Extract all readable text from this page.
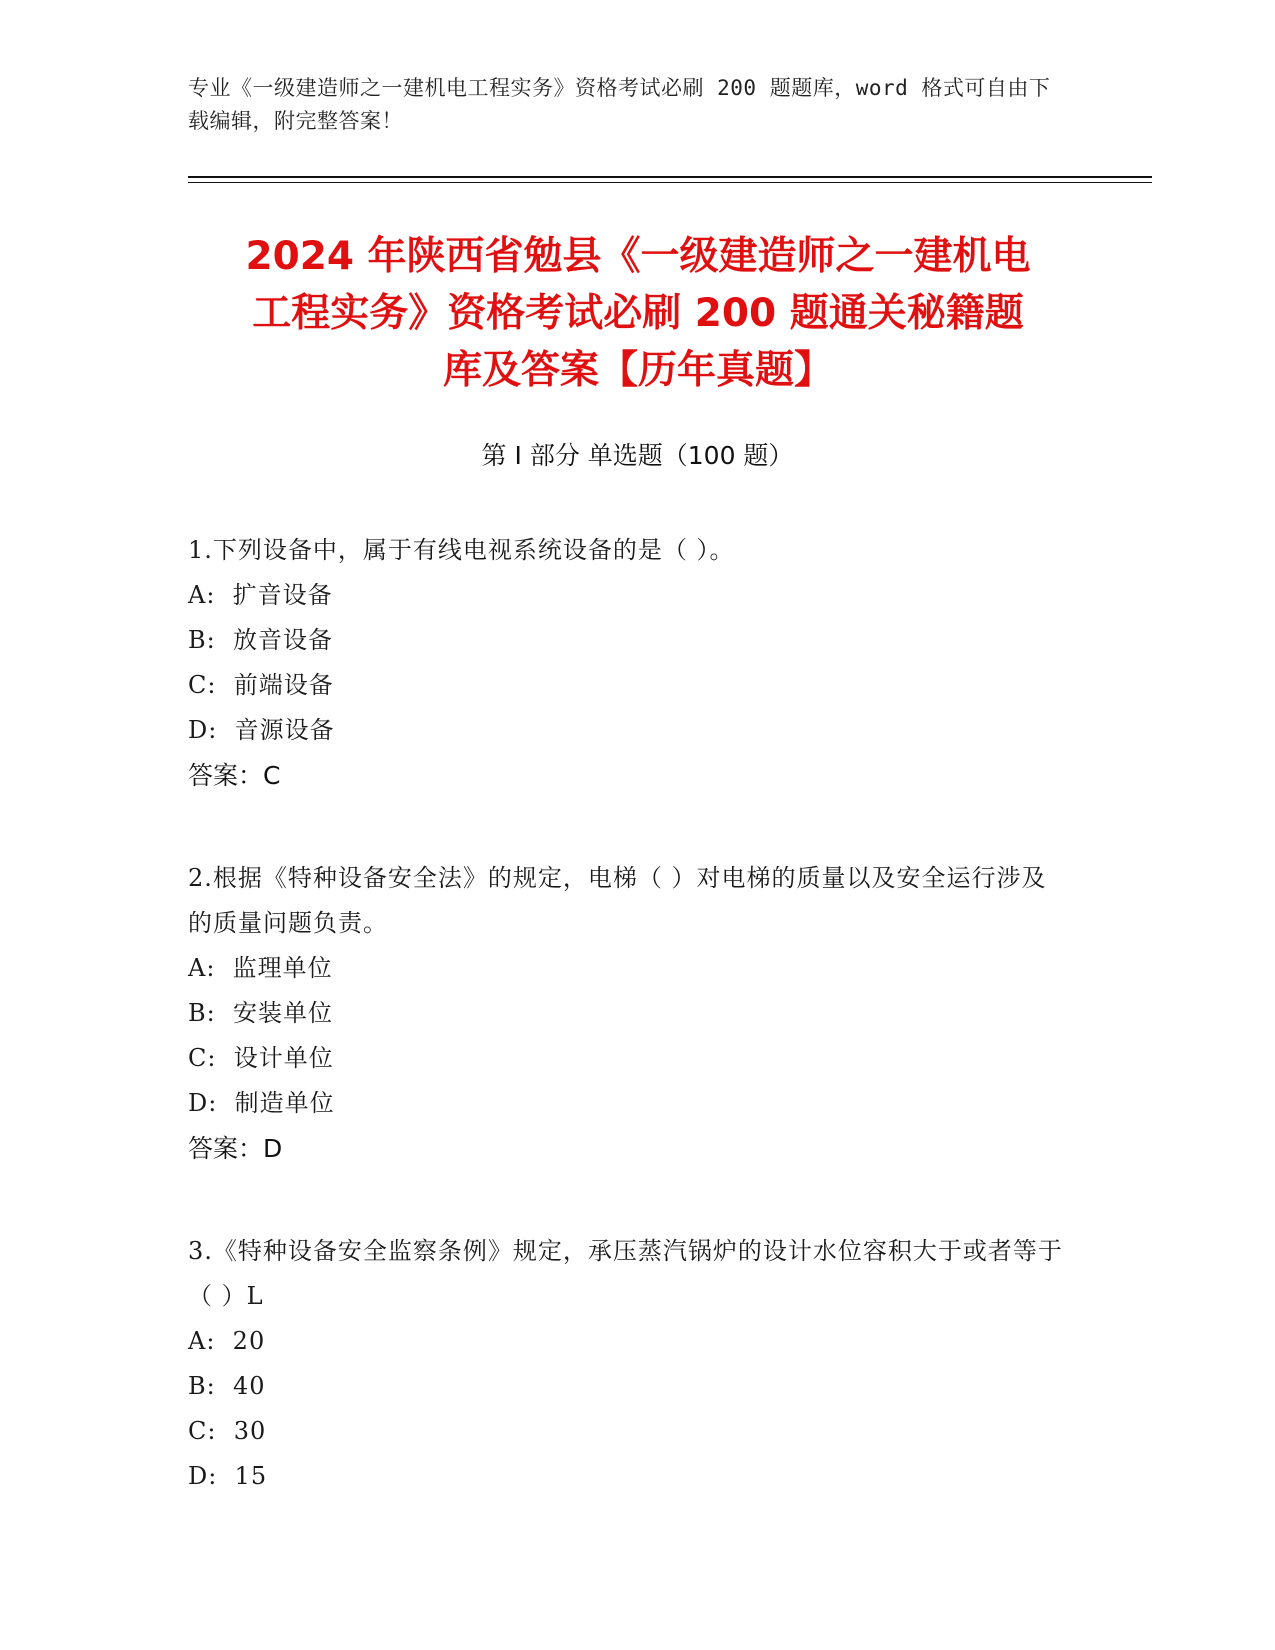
专业《一级建造师之一建机电工程实务》资格考试必刷 200 题题库，word 格式可自由下载编辑，附完整答案！
2024 年陕西省勉县《一级建造师之一建机电
工程实务》资格考试必刷 200 题通关秘籍题
库及答案【历年真题】
第 I 部分 单选题（100 题）
1.下列设备中，属于有线电视系统设备的是（ ）。
A:  扩音设备
B:  放音设备
C:  前端设备
D:  音源设备
答案：C
2.根据《特种设备安全法》的规定，电梯（ ）对电梯的质量以及安全运行涉及的质量问题负责。
A:  监理单位
B:  安装单位
C:  设计单位
D:  制造单位
答案：D
3.《特种设备安全监察条例》规定，承压蒸汽锅炉的设计水位容积大于或者等于（ ）L
A:  20
B:  40
C:  30
D:  15
